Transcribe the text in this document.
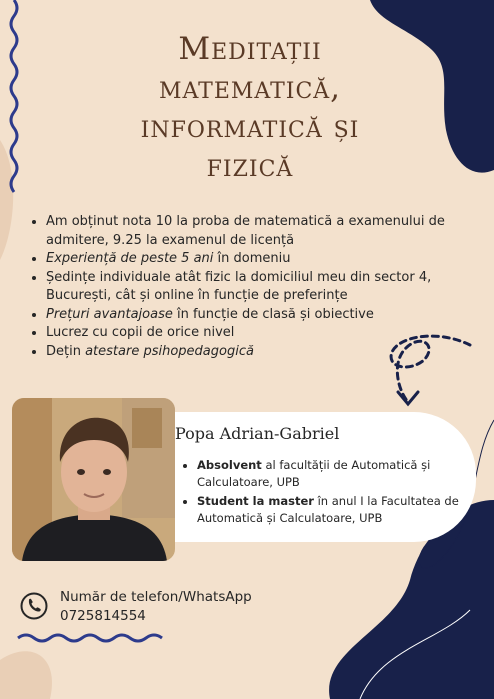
Meditații
matematică,
informatică și
fizică
• Am obținut nota 10 la proba de matematică a examenului de admitere, 9.25 la examenul de licență
• Experiență de peste 5 ani în domeniu
• Ședințe individuale atât fizic la domiciliul meu din sector 4, București, cât și online în funcție de preferințe
• Prețuri avantajoase în funcție de clasă și obiective
• Lucrez cu copii de orice nivel
• Dețin atestare psihopedagogică
Popa Adrian-Gabriel
• Absolvent al facultății de Automatică și Calculatoare, UPB
• Student la master în anul I la Facultatea de Automatică și Calculatoare, UPB
Număr de telefon/WhatsApp
0725814554
